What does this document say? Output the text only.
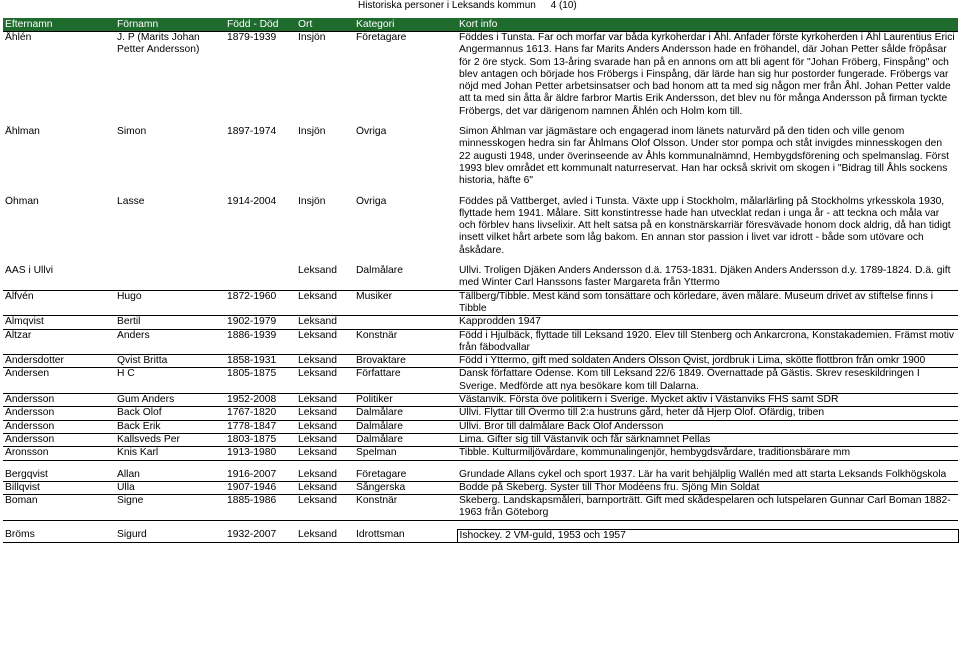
Historiska personer i Leksands kommun 4 (10)
Efternamn	Förnamn	Född - Död	Ort	Kategori	Kort info
Åhlén	J. P (Marits Johan Petter Andersson)	1879-1939	Insjön	Företagare	Föddes i Tunsta. Far och morfar var båda kyrkoherdar i Åhl. Anfader förste kyrkoherden i Åhl Laurentius Erici Angermannus 1613. Hans far Marits Anders Andersson hade en fröhandel, där Johan Petter sålde fröpåsar för 2 öre styck. Som 13-åring svarade han på en annons om att bli agent för "Johan Fröberg, Finspång" och blev antagen och började hos Fröbergs i Finspång, där lärde han sig hur postorder fungerade. Fröbergs var nöjd med Johan Petter arbetsinsatser och bad honom att ta med sig någon mer från Åhl. Johan Petter valde att ta med sin åtta år äldre farbror Martis Erik Andersson, det blev nu för många Andersson på firman tyckte Fröbergs, det var därigenom namnen Åhlén och Holm kom till.

Åhlman	Simon	1897-1974	Insjön	Övriga	Simon Åhlman var jägmästare och engagerad inom länets naturvård på den tiden och ville genom minnesskogen hedra sin far Åhlmans Olof Olsson. Under stor pompa och ståt invigdes minnesskogen den 22 augusti 1948, under överinseende av Åhls kommunalnämnd, Hembygdsförening och spelmanslag. Först 1993 blev området ett kommunalt naturreservat. Han har också skrivit om skogen i "Bidrag till Åhls sockens historia, häfte 6"

Öhman	Lasse	1914-2004	Insjön	Övriga	Föddes på Vattberget, avled i Tunsta. Växte upp i Stockholm, målarlärling på Stockholms yrkesskola 1930, flyttade hem 1941. Målare. Sitt konstintresse hade han utvecklat redan i unga år - att teckna och måla var och förblev hans livselixir. Att helt satsa på en konstnärskarriär föresvävade honom dock aldrig, då han tidigt insett vilket hårt arbete som låg bakom. En annan stor passion i livet var idrott - både som utövare och åskådare.

AAS i Ullvi			Leksand	Dalmålare	Ullvi. Troligen Djäken Anders Andersson d.ä. 1753-1831. Djäken Anders Andersson d.y. 1789-1824. D.ä. gift med Winter Carl Hanssons faster Margareta från Yttermo
Alfvén	Hugo	1872-1960	Leksand	Musiker	Tällberg/Tibble. Mest känd som tonsättare och körledare, även målare. Museum drivet av stiftelse finns i Tibble
Almqvist	Bertil	1902-1979	Leksand		Kapprodden 1947
Altzar	Anders	1886-1939	Leksand	Konstnär	Född i Hjulbäck, flyttade till Leksand 1920. Elev till Stenberg och Ankarcrona, Konstakademien. Främst motiv från fäbodvallar
Andersdotter	Qvist Britta	1858-1931	Leksand	Brovaktare	Född i Yttermo, gift med soldaten Anders Olsson Qvist, jordbruk i Lima, skötte flottbron från omkr 1900
Andersen	H C	1805-1875	Leksand	Författare	Dansk författare Odense. Kom till Leksand 22/6 1849. Övernattade på Gästis. Skrev reseskildringen I Sverige. Medförde att nya besökare kom till Dalarna.
Andersson	Gum Anders	1952-2008	Leksand	Politiker	Västanvik. Första öve politikern i Sverige. Mycket aktiv i Västanviks FHS samt SDR
Andersson	Back Olof	1767-1820	Leksand	Dalmålare	Ullvi. Flyttar till Övermo till 2:a hustruns gård, heter då Hjerp Olof. Ofärdig, triben
Andersson	Back Erik	1778-1847	Leksand	Dalmålare	Ullvi. Bror till dalmålare Back Olof Andersson
Andersson	Kallsveds Per	1803-1875	Leksand	Dalmålare	Lima. Gifter sig till Västanvik och får särknamnet Pellas
Aronsson	Knis Karl	1913-1980	Leksand	Spelman	Tibble. Kulturmiljövårdare, kommunalingenjör, hembygdsvårdare, traditionsbärare mm

Bergqvist	Allan	1916-2007	Leksand	Företagare	Grundade Allans cykel och sport 1937. Lär ha varit behjälplig Wallén med att starta Leksands Folkhögskola
Billqvist	Ulla	1907-1946	Leksand	Sångerska	Bodde på Skeberg. Syster till Thor Modéens fru. Sjöng Min Soldat
Boman	Signe	1885-1986	Leksand	Konstnär	Skeberg. Landskapsmåleri, barnporträtt. Gift med skådespelaren och lutspelaren Gunnar Carl Boman 1882-1963 från Göteborg

Bröms	Sigurd	1932-2007	Leksand	Idrottsman	Ishockey. 2 VM-guld, 1953 och 1957
